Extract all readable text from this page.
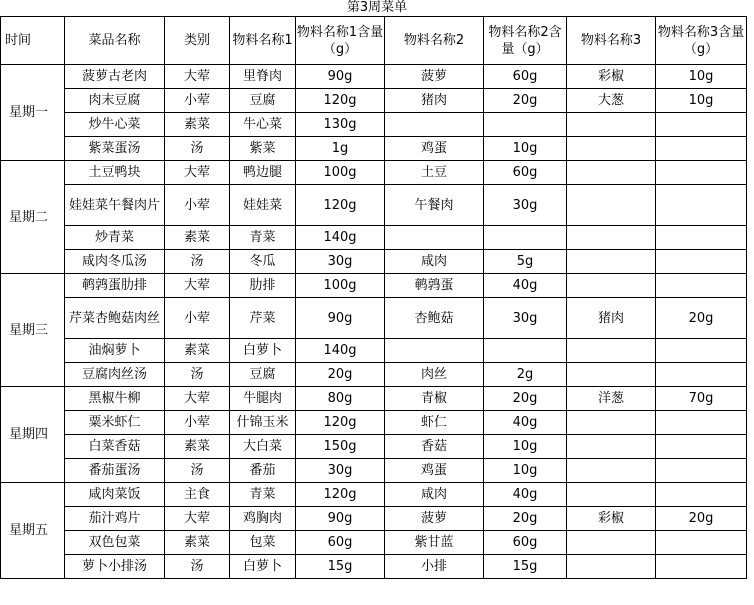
第3周菜单
时间	菜品名称	类别	物料名称1	物料名称1含量（g）	物料名称2	物料名称2含量（g）	物料名称3	物料名称3含量（g）
星期一	菠萝古老肉	大荤	里脊肉	90g	菠萝	60g	彩椒	10g
	肉末豆腐	小荤	豆腐	120g	猪肉	20g	大葱	10g
	炒牛心菜	素菜	牛心菜	130g				
	紫菜蛋汤	汤	紫菜	1g	鸡蛋	10g		
星期二	土豆鸭块	大荤	鸭边腿	100g	土豆	60g		
	娃娃菜午餐肉片	小荤	娃娃菜	120g	午餐肉	30g		
	炒青菜	素菜	青菜	140g				
	咸肉冬瓜汤	汤	冬瓜	30g	咸肉	5g		
星期三	鹌鹑蛋肋排	大荤	肋排	100g	鹌鹑蛋	40g		
	芹菜杏鲍菇肉丝	小荤	芹菜	90g	杏鲍菇	30g	猪肉	20g
	油焖萝卜	素菜	白萝卜	140g				
	豆腐肉丝汤	汤	豆腐	20g	肉丝	2g		
星期四	黑椒牛柳	大荤	牛腿肉	80g	青椒	20g	洋葱	70g
	粟米虾仁	小荤	什锦玉米	120g	虾仁	40g		
	白菜香菇	素菜	大白菜	150g	香菇	10g		
	番茄蛋汤	汤	番茄	30g	鸡蛋	10g		
星期五	咸肉菜饭	主食	青菜	120g	咸肉	40g		
	茄汁鸡片	大荤	鸡胸肉	90g	菠萝	20g	彩椒	20g
	双色包菜	素菜	包菜	60g	紫甘蓝	60g		
	萝卜小排汤	汤	白萝卜	15g	小排	15g		
